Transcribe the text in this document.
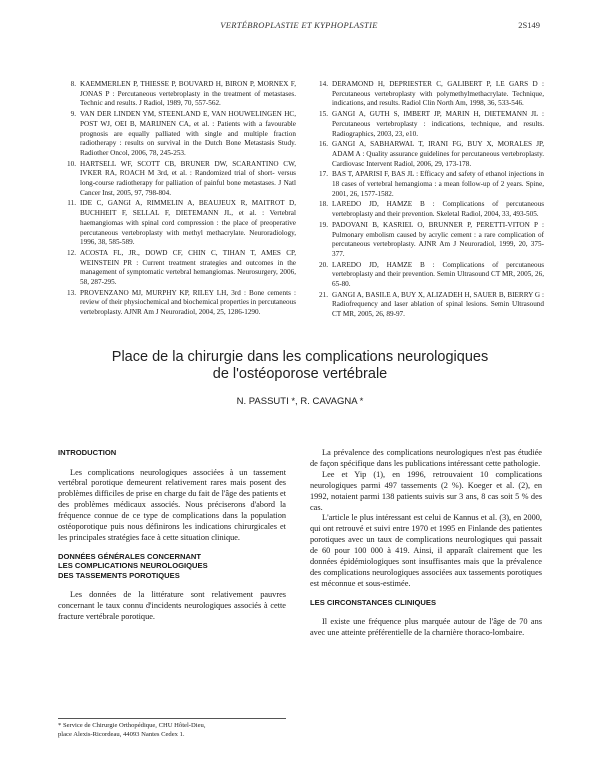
VERTÉBROPLASTIE ET KYPHOPLASTIE	2S149
8. KAEMMERLEN P, THIESSE P, BOUVARD H, BIRON P, MORNEX F, JONAS P : Percutaneous vertebroplasty in the treatment of metastases. Technic and results. J Radiol, 1989, 70, 557-562.
9. VAN DER LINDEN YM, STEENLAND E, VAN HOUWELINGEN HC, POST WJ, OEI B, MARIJNEN CA, et al. : Patients with a favourable prognosis are equally palliated with single and multiple fraction radiotherapy : results on survival in the Dutch Bone Metastasis Study. Radiother Oncol, 2006, 78, 245-253.
10. HARTSELL WF, SCOTT CB, BRUNER DW, SCARANTINO CW, IVKER RA, ROACH M 3rd, et al. : Randomized trial of short- versus long-course radiotherapy for palliation of painful bone metastases. J Natl Cancer Inst, 2005, 97, 798-804.
11. IDE C, GANGI A, RIMMELIN A, BEAUJEUX R, MAITROT D, BUCHHEIT F, SELLAL F, DIETEMANN JL, et al. : Vertebral haemangiomas with spinal cord compression : the place of preoperative percutaneous vertebroplasty with methyl methacrylate. Neuroradiology, 1996, 38, 585-589.
12. ACOSTA FL, JR., DOWD CF, CHIN C, TIHAN T, AMES CP, WEINSTEIN PR : Current treatment strategies and outcomes in the management of symptomatic vertebral hemangiomas. Neurosurgery, 2006, 58, 287-295.
13. PROVENZANO MJ, MURPHY KP, RILEY LH, 3rd : Bone cements : review of their physiochemical and biochemical properties in percutaneous vertebroplasty. AJNR Am J Neuroradiol, 2004, 25, 1286-1290.
14. DERAMOND H, DEPRIESTER C, GALIBERT P, LE GARS D : Percutaneous vertebroplasty with polymethylmethacrylate. Technique, indications, and results. Radiol Clin North Am, 1998, 36, 533-546.
15. GANGI A, GUTH S, IMBERT JP, MARIN H, DIETEMANN JL : Percutaneous vertebroplasty : indications, technique, and results. Radiographics, 2003, 23, e10.
16. GANGI A, SABHARWAL T, IRANI FG, BUY X, MORALES JP, ADAM A : Quality assurance guidelines for percutaneous vertebroplasty. Cardiovasc Intervent Radiol, 2006, 29, 173-178.
17. BAS T, APARISI F, BAS JL : Efficacy and safety of ethanol injections in 18 cases of vertebral hemangioma : a mean follow-up of 2 years. Spine, 2001, 26, 1577-1582.
18. LAREDO JD, HAMZE B : Complications of percutaneous vertebroplasty and their prevention. Skeletal Radiol, 2004, 33, 493-505.
19. PADOVANI B, KASRIEL O, BRUNNER P, PERETTI-VITON P : Pulmonary embolism caused by acrylic cement : a rare complication of percutaneous vertebroplasty. AJNR Am J Neuroradiol, 1999, 20, 375-377.
20. LAREDO JD, HAMZE B : Complications of percutaneous vertebroplasty and their prevention. Semin Ultrasound CT MR, 2005, 26, 65-80.
21. GANGI A, BASILE A, BUY X, ALIZADEH H, SAUER B, BIERRY G : Radiofrequency and laser ablation of spinal lesions. Semin Ultrasound CT MR, 2005, 26, 89-97.
Place de la chirurgie dans les complications neurologiques
de l'ostéoporose vertébrale
N. PASSUTI *, R. CAVAGNA *
INTRODUCTION

Les complications neurologiques associées à un tassement vertébral porotique demeurent relativement rares mais posent des problèmes difficiles de prise en charge du fait de l'âge des patients et des problèmes médicaux associés. Nous préciserons d'abord la fréquence connue de ce type de complications dans la population ostéoporotique puis nous définirons les indications chirurgicales et les principales stratégies face à cette situation clinique.

DONNÉES GÉNÉRALES CONCERNANT
LES COMPLICATIONS NEUROLOGIQUES
DES TASSEMENTS POROTIQUES

Les données de la littérature sont relativement pauvres concernant le taux connu d'incidents neurologiques associés à cette fracture vertébrale porotique.

La prévalence des complications neurologiques n'est pas étudiée de façon spécifique dans les publications intéressant cette pathologie.

Lee et Yip (1), en 1996, retrouvaient 10 complications neurologiques parmi 497 tassements (2 %). Koeger et al. (2), en 1992, notaient parmi 138 patients suivis sur 3 ans, 8 cas soit 5 % des cas.

L'article le plus intéressant est celui de Kannus et al. (3), en 2000, qui ont retrouvé et suivi entre 1970 et 1995 en Finlande des patientes porotiques avec un taux de complications neurologiques qui passait de 60 pour 100 000 à 419. Ainsi, il apparaît clairement que les données épidémiologiques sont insuffisantes mais que la prévalence des complications neurologiques associées aux tassements porotiques est méconnue et sous-estimée.

LES CIRCONSTANCES CLINIQUES

Il existe une fréquence plus marquée autour de l'âge de 70 ans avec une atteinte préférentielle de la charnière thoraco-lombaire.

* Service de Chirurgie Orthopédique, CHU Hôtel-Dieu,
place Alexis-Ricordeau, 44093 Nantes Cedex 1.
